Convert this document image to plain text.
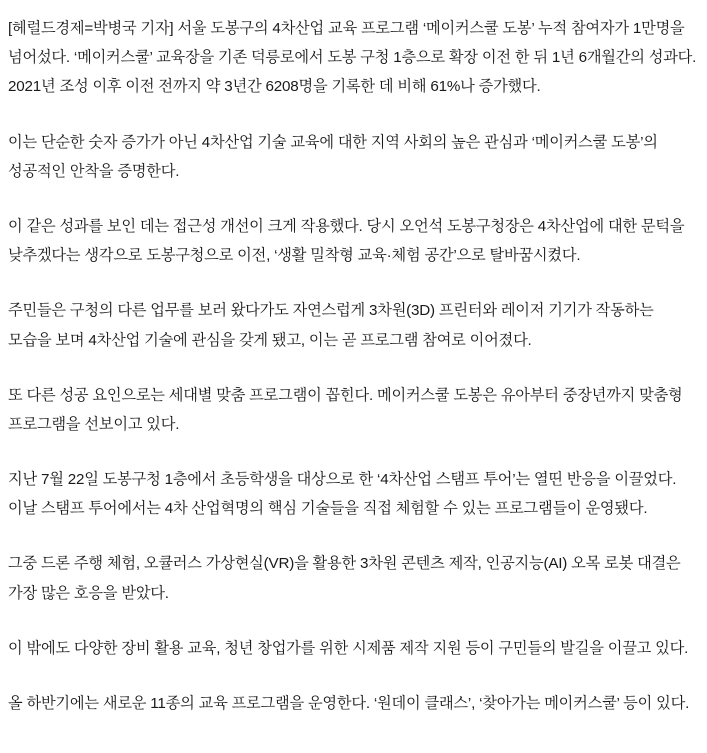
[헤럴드경제=박병국 기자] 서울 도봉구의 4차산업 교육 프로그램 ‘메이커스쿨 도봉’ 누적 참여자가 1만명을 넘어섰다. ‘메이커스쿨’ 교육장을 기존 덕릉로에서 도봉 구청 1층으로 확장 이전 한 뒤 1년 6개월간의 성과다. 2021년 조성 이후 이전 전까지 약 3년간 6208명을 기록한 데 비해 61%나 증가했다.

이는 단순한 숫자 증가가 아닌 4차산업 기술 교육에 대한 지역 사회의 높은 관심과 ‘메이커스쿨 도봉’의 성공적인 안착을 증명한다.

이 같은 성과를 보인 데는 접근성 개선이 크게 작용했다. 당시 오언석 도봉구청장은 4차산업에 대한 문턱을 낮추겠다는 생각으로 도봉구청으로 이전, ‘생활 밀착형 교육·체험 공간’으로 탈바꿈시켰다.

주민들은 구청의 다른 업무를 보러 왔다가도 자연스럽게 3차원(3D) 프린터와 레이저 기기가 작동하는 모습을 보며 4차산업 기술에 관심을 갖게 됐고, 이는 곧 프로그램 참여로 이어졌다.

또 다른 성공 요인으로는 세대별 맞춤 프로그램이 꼽힌다. 메이커스쿨 도봉은 유아부터 중장년까지 맞춤형 프로그램을 선보이고 있다.

지난 7월 22일 도봉구청 1층에서 초등학생을 대상으로 한 ‘4차산업 스탬프 투어’는 열띤 반응을 이끌었다. 이날 스탬프 투어에서는 4차 산업혁명의 핵심 기술들을 직접 체험할 수 있는 프로그램들이 운영됐다.

그중 드론 주행 체험, 오큘러스 가상현실(VR)을 활용한 3차원 콘텐츠 제작, 인공지능(AI) 오목 로봇 대결은 가장 많은 호응을 받았다.

이 밖에도 다양한 장비 활용 교육, 청년 창업가를 위한 시제품 제작 지원 등이 구민들의 발길을 이끌고 있다.

올 하반기에는 새로운 11종의 교육 프로그램을 운영한다. ‘원데이 클래스’, ‘찾아가는 메이커스쿨’ 등이 있다.
